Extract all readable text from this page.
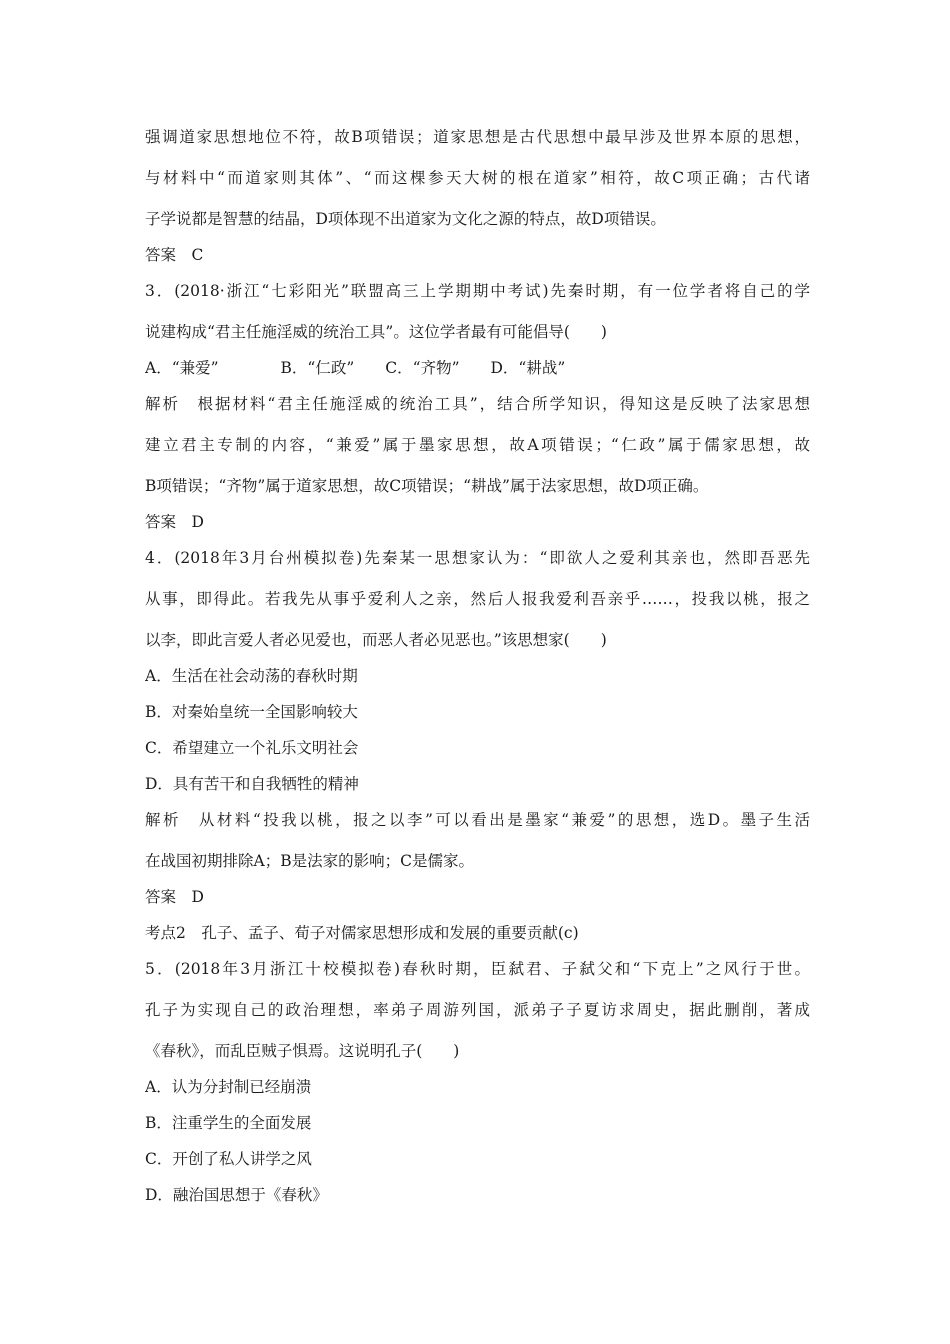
强调道家思想地位不符，故B项错误；道家思想是古代思想中最早涉及世界本原的思想，
与材料中“而道家则其体”、“而这棵参天大树的根在道家”相符，故C项正确；古代诸
子学说都是智慧的结晶，D项体现不出道家为文化之源的特点，故D项错误。
答案　C
3．(2018·浙江“七彩阳光”联盟高三上学期期中考试)先秦时期，有一位学者将自己的学
说建构成“君主任施淫威的统治工具”。这位学者最有可能倡导(　　)
A．“兼爱”　　　　B．“仁政”　　C．“齐物”　　D．“耕战”
解析　根据材料“君主任施淫威的统治工具”，结合所学知识，得知这是反映了法家思想
建立君主专制的内容，“兼爱”属于墨家思想，故A项错误；“仁政”属于儒家思想，故
B项错误；“齐物”属于道家思想，故C项错误；“耕战”属于法家思想，故D项正确。
答案　D
4．(2018年3月台州模拟卷)先秦某一思想家认为：“即欲人之爱利其亲也，然即吾恶先
从事，即得此。若我先从事乎爱利人之亲，然后人报我爱利吾亲乎……，投我以桃，报之
以李，即此言爱人者必见爱也，而恶人者必见恶也。”该思想家(　　)
A．生活在社会动荡的春秋时期
B．对秦始皇统一全国影响较大
C．希望建立一个礼乐文明社会
D．具有苦干和自我牺牲的精神
解析　从材料“投我以桃，报之以李”可以看出是墨家“兼爱”的思想，选D。墨子生活
在战国初期排除A；B是法家的影响；C是儒家。
答案　D
考点2　孔子、孟子、荀子对儒家思想形成和发展的重要贡献(c)
5．(2018年3月浙江十校模拟卷)春秋时期，臣弑君、子弑父和“下克上”之风行于世。
孔子为实现自己的政治理想，率弟子周游列国，派弟子子夏访求周史，据此删削，著成
《春秋》，而乱臣贼子惧焉。这说明孔子(　　)
A．认为分封制已经崩溃
B．注重学生的全面发展
C．开创了私人讲学之风
D．融治国思想于《春秋》
